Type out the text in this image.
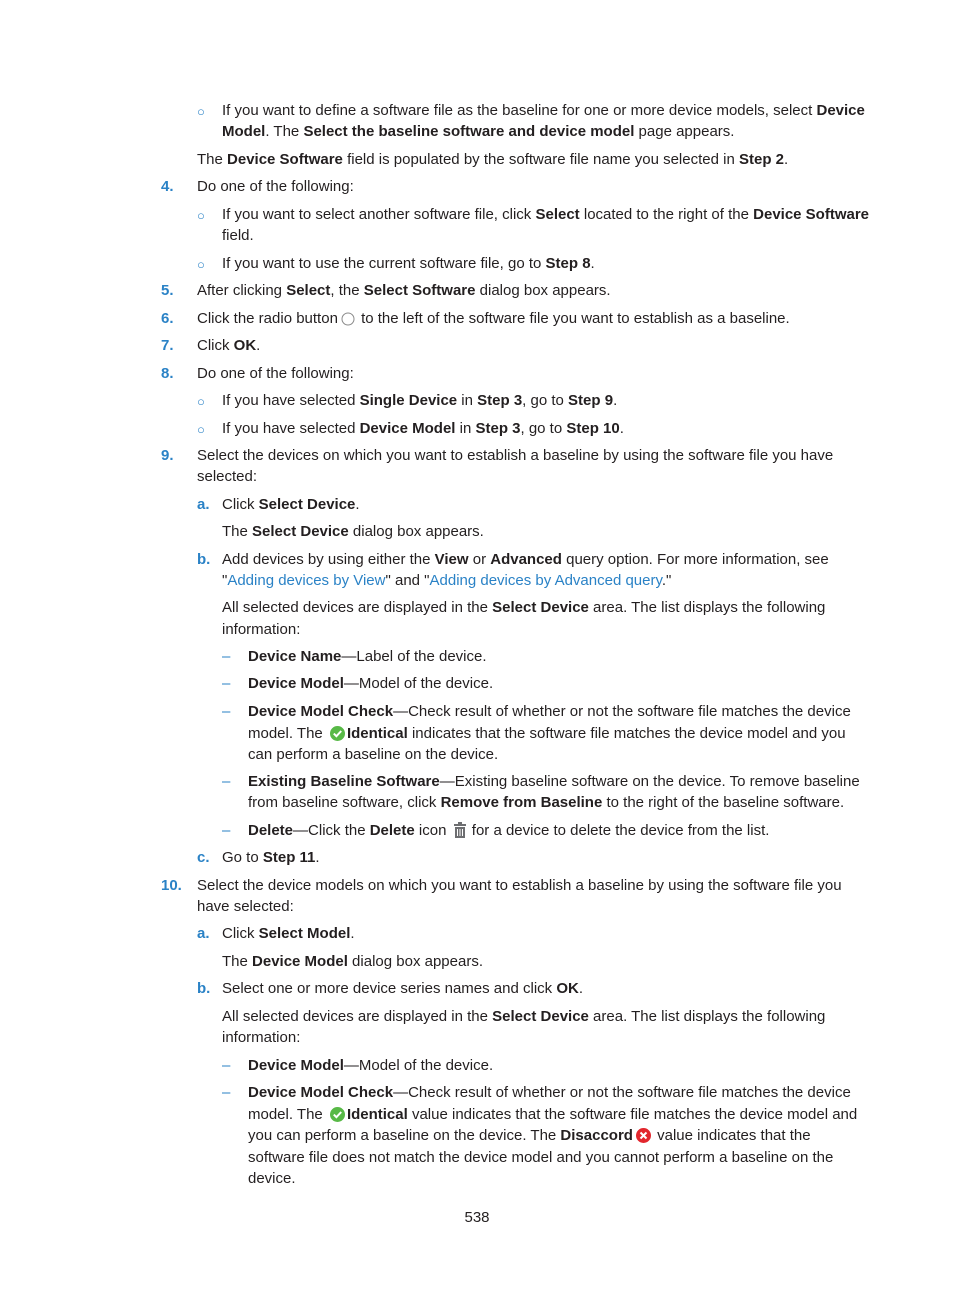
○ If you want to define a software file as the baseline for one or more device models, select Device
Model. The Select the baseline software and device model page appears.
The Device Software field is populated by the software file name you selected in Step 2.
4. Do one of the following:
○ If you want to select another software file, click Select located to the right of the Device Software
field.
○ If you want to use the current software file, go to Step 8.
5. After clicking Select, the Select Software dialog box appears.
6. Click the radio button to the left of the software file you want to establish as a baseline.
7. Click OK.
8. Do one of the following:
○ If you have selected Single Device in Step 3, go to Step 9.
○ If you have selected Device Model in Step 3, go to Step 10.
9. Select the devices on which you want to establish a baseline by using the software file you have
selected:
a. Click Select Device.
The Select Device dialog box appears.
b. Add devices by using either the View or Advanced query option. For more information, see
"Adding devices by View" and "Adding devices by Advanced query."
All selected devices are displayed in the Select Device area. The list displays the following
information:
– Device Name—Label of the device.
– Device Model—Model of the device.
– Device Model Check—Check result of whether or not the software file matches the device
model. The Identical indicates that the software file matches the device model and you
can perform a baseline on the device.
– Existing Baseline Software—Existing baseline software on the device. To remove baseline
from baseline software, click Remove from Baseline to the right of the baseline software.
– Delete—Click the Delete icon  for a device to delete the device from the list.
c. Go to Step 11.
10. Select the device models on which you want to establish a baseline by using the software file you
have selected:
a. Click Select Model.
The Device Model dialog box appears.
b. Select one or more device series names and click OK.
All selected devices are displayed in the Select Device area. The list displays the following
information:
– Device Model—Model of the device.
– Device Model Check—Check result of whether or not the software file matches the device
model. The Identical value indicates that the software file matches the device model and
you can perform a baseline on the device. The Disaccord value indicates that the
software file does not match the device model and you cannot perform a baseline on the
device.
538
